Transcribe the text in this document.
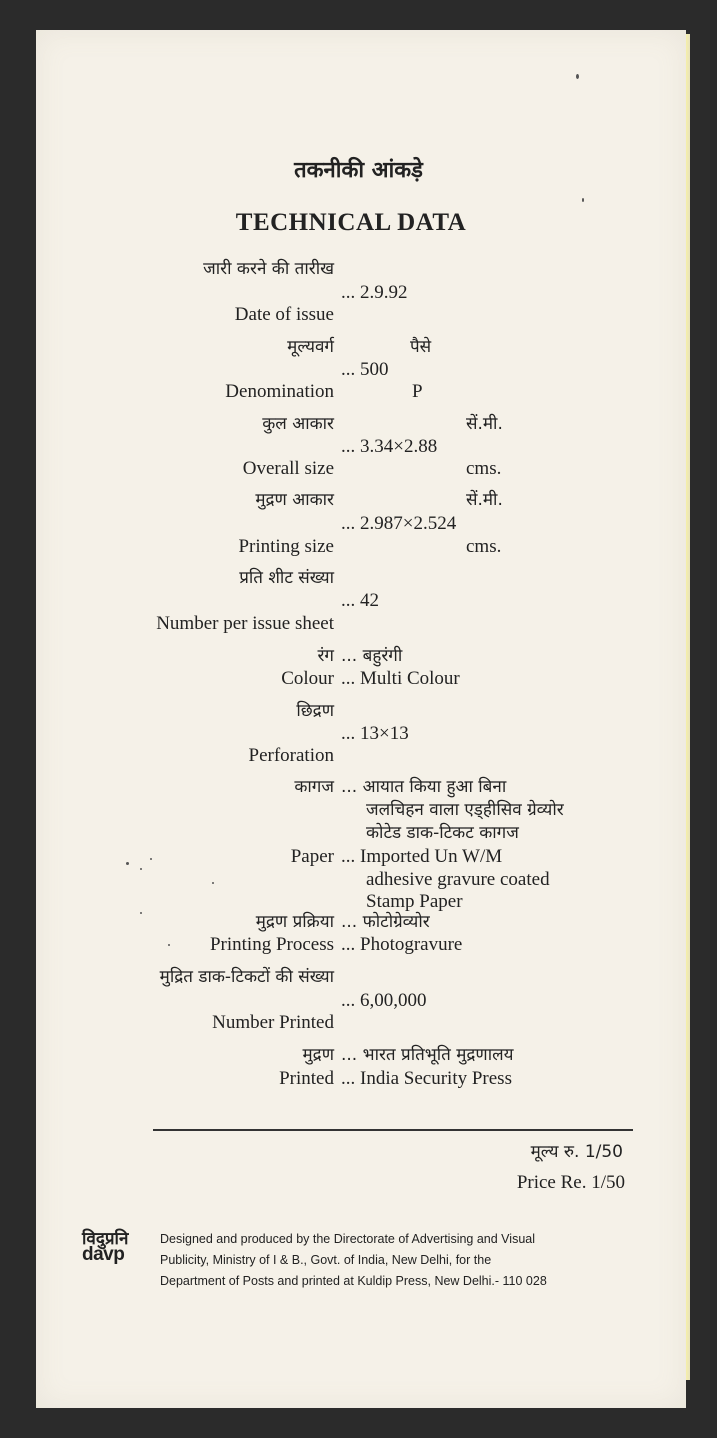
तकनीकी आंकड़े
TECHNICAL DATA
जारी करने की तारीख
... 2.9.92
Date of issue
मूल्यवर्ग	पैसे
... 500
Denomination	P
कुल आकार	सें.मी.
... 3.34×2.88
Overall size	cms.
मुद्रण आकार	सें.मी.
... 2.987×2.524
Printing size	cms.
प्रति शीट संख्या
... 42
Number per issue sheet
रंग ... बहुरंगी
Colour ... Multi Colour
छिद्रण
... 13×13
Perforation
कागज ... आयात किया हुआ बिना
जलचिहन वाला एड्हीसिव ग्रेव्योर
कोटेड डाक-टिकट कागज
Paper ... Imported Un W/M
adhesive gravure coated
Stamp Paper
मुद्रण प्रक्रिया ... फोटोग्रेव्योर
Printing Process ... Photogravure
मुद्रित डाक-टिकटों की संख्या
... 6,00,000
Number Printed
मुद्रण ... भारत प्रतिभूति मुद्रणालय
Printed ... India Security Press
मूल्य रु. 1/50
Price Re. 1/50
विदुप्रनि
davp
Designed and produced by the Directorate of Advertising and Visual
Publicity, Ministry of I & B., Govt. of India, New Delhi, for the
Department of Posts and printed at Kuldip Press, New Delhi.- 110 028
